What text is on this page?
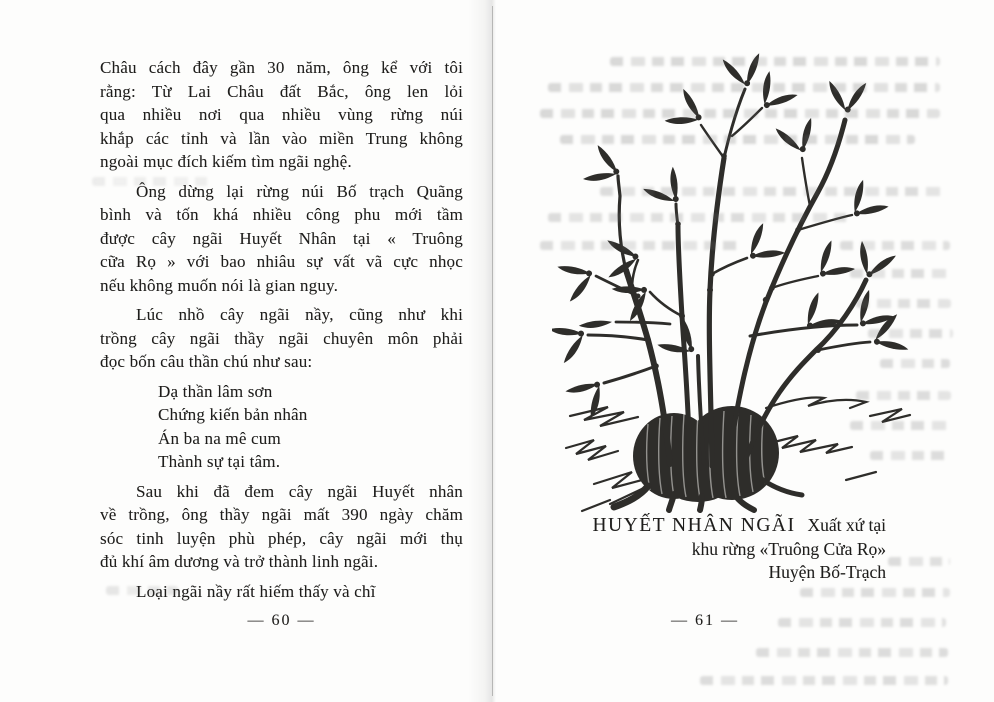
Châu cách đây gần 30 năm, ông kể với tôi
rằng: Từ Lai Châu đất Bắc, ông len lỏi
qua nhiều nơi qua nhiều vùng rừng núi
khắp các tỉnh và lần vào miền Trung không
ngoài mục đích kiếm tìm ngãi nghệ.
Ông dừng lại rừng núi Bố trạch Quãng
bình và tốn khá nhiều công phu mới tầm
được cây ngãi Huyết Nhân tại « Truông
cữa Rọ » với bao nhiâu sự vất vã cực nhọc
nếu không muốn nói là gian nguy.
Lúc nhồ cây ngãi nầy, cũng như khi
trồng cây ngãi thầy ngãi chuyên môn phải
đọc bốn câu thần chú như sau:
Dạ thần lâm sơn
Chứng kiến bản nhân
Án ba na mê cum
Thành sự tại tâm.
Sau khi đã đem cây ngãi Huyết nhân
về trồng, ông thầy ngãi mất 390 ngày chăm
sóc tinh luyện phù phép, cây ngãi mới thụ
đủ khí âm dương và trở thành linh ngãi.
Loại ngãi nầy rất hiếm thấy và chĩ
— 60 —
HUYẾT NHÂN NGÃI Xuất xứ tại
khu rừng «Truông Cửa Rọ»
Huyện Bố-Trạch
— 61 —
